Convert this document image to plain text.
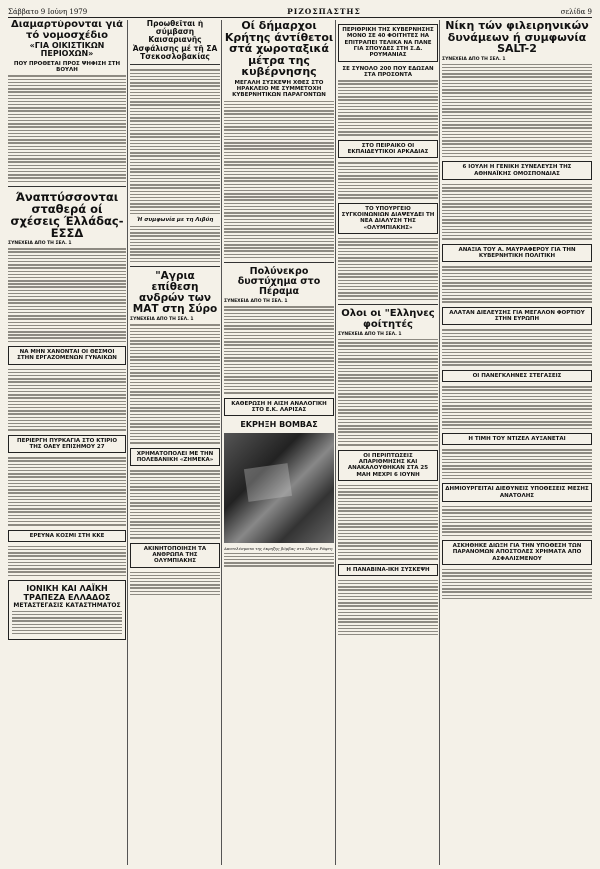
Σάββατο 9 Ιούνη 1979	ΡΙΖΟΣΠΑΣΤΗΣ	σελίδα 9
Διαμαρτύρονται γιά τό νομοσχέδιο
«ΓΙΑ ΟΙΚΙΣΤΙΚΩΝ ΠΕΡΙΟΧΩΝ»
ΠΟΥ ΠΡΟΘΕΤΑΙ ΠΡΟΣ ΨΗΦΙΣΗ ΣΤΗ ΒΟΥΛΗ
Άναπτύσσονται σταθερά οί σχέσεις Έλλάδας-ΕΣΣΔ
ΣΥΝΕΧΕΙΑ ΑΠΟ ΤΗ ΣΕΛ. 1
ΝΑ ΜΗΝ ΧΑΝΟΝΤΑΙ ΟΙ ΘΕΣΜΟΙ ΣΤΗΝ ΕΡΓΑΖΟΜΕΝΩΝ ΓΥΝΑΙΚΩΝ
ΠΕΡΙΕΡΓΗ ΠΥΡΚΑΓΙΑ ΣΤΟ ΚΤΙΡΙΟ ΤΗΣ ΟΑΕΥ ΕΠΙΣΗΜΟΥ 27
ΕΡΕΥΝΑ ΚΟΣΜΙ ΣΤΗ ΚΚΕ
ΙΟΝΙΚΗ ΚΑΙ ΛΑΪΚΗ
ΤΡΑΠΕΖΑ ΕΛΛΑΔΟΣ
ΜΕΤΑΣΤΕΓΑΣΙΣ ΚΑΤΑΣΤΗΜΑΤΟΣ
Προωθεῖται ἡ σύμβαση Καισαριανῆς
Ἀσφάλισης μέ τῆ ΣΑ Τσεκοσλοβακίας
Ή συμφωνία με τη Λιβύη
"Αγρια επίθεση ανδρών των ΜΑΤ στη Σύρο
ΣΥΝΕΧΕΙΑ ΑΠΟ ΤΗ ΣΕΛ. 1
ΧΡΗΜΑΤΟΠΟΛΕΙ ΜΕ ΤΗΝ ΠΟΛΕΒΑΝΙΚΗ «ΖΗΜΕΚΑ»
ΑΚΙΝΗΤΟΠΟΙΗΣΗ ΤΑ ΑΝΘΡΩΠΑ ΤΗΣ ΟΛΥΜΠΙΑΚΗΣ
Οί δήμαρχοι Κρήτης άντίθετοι στά χωροταξικά μέτρα της κυβέρνησης
ΜΕΓΑΛΗ ΣΥΣΚΕΨΗ ΧΘΕΣ ΣΤΟ ΗΡΑΚΛΕΙΟ ΜΕ ΣΥΜΜΕΤΟΧΗ ΚΥΒΕΡΝΗΤΙΚΩΝ ΠΑΡΑΓΟΝΤΩΝ
Πολύνεκρο δυστύχημα στο Πέραμα
ΣΥΝΕΧΕΙΑ ΑΠΟ ΤΗ ΣΕΛ. 1
ΚΑΘΕΡΩΣΗ Η ΑΙΣΗ ΑΝΑΛΟΓΙΚΗ ΣΤΟ Ε.Κ. ΛΑΡΙΣΑΣ
ΕΚΡΗΞΗ ΒΟΜΒΑΣ
Αποτελέσματα της έκρηξης βόμβας στο Πόρτο Ράφτη
ΠΕΡΙΘΡΙΚΗ ΤΗΣ ΚΥΒΕΡΝΗΣΗΣ ΜΟΝΟ ΣΕ 40 ΦΟΙΤΗΤΕΣ ΗΑ ΕΠΙΤΡΑΠΕΙ ΤΕΛΙΚΑ ΝΑ ΠΑΝΕ ΓΙΑ ΣΠΟΥΔΕΣ ΣΤΗ Σ.Δ. ΡΟΥΜΑΝΙΑΣ
ΣΕ ΣΥΝΟΛΟ 200 ΠΟΥ ΕΔΩΣΑΝ ΣΤΑ ΠΡΟΣΟΝΤΑ
ΣΤΟ ΠΕΙΡΑΙΚΟ ΟΙ ΕΚΠΑΙΔΕΥΤΙΚΟΙ ΑΡΚΑΔΙΑΣ
ΤΟ ΥΠΟΥΡΓΕΙΟ ΣΥΓΚΟΙΝΩΝΙΩΝ ΔΙΑΨΕΥΔΕΙ ΤΗ ΝΕΑ ΔΙΑΛΥΣΗ ΤΗΣ «ΟΛΥΜΠΙΑΚΗΣ»
Ολοι οι "Ελληνες φοίτητές
ΣΥΝΕΧΕΙΑ ΑΠΟ ΤΗ ΣΕΛ. 1
ΟΙ ΠΕΡΙΠΤΩΣΕΙΣ ΑΠΑΡΙΘΜΗΣΗΣ ΚΑΙ ΑΝΑΚΑΛΟΥΘΗΚΑΝ ΣΤΑ 25 ΜΑΗ ΜΕΧΡΙ 6 ΙΟΥΝΗ
Η ΠΑΝΑΒΙΝΑ-ΙΚΗ ΣΥΣΚΕΨΗ
Νίκη τών φιλειρηνικών δυνάμεων ή συμφωνία SALT-2
ΣΥΝΕΧΕΙΑ ΑΠΟ ΤΗ ΣΕΛ. 1
6 ΙΟΥΛΗ Η ΓΕΝΙΚΗ ΣΥΝΕΛΕΥΣΗ ΤΗΣ ΑΘΗΝΑΪΚΗΣ ΟΜΟΣΠΟΝΔΙΑΣ
ΑΝΑΞΙΑ ΤΟΥ Α. ΜΑΥΡΑΦΕΡΟΥ ΓΙΑ ΤΗΝ ΚΥΒΕΡΝΗΤΙΚΗ ΠΟΛΙΤΙΚΗ
ΑΛΑΤΑΝ ΔΙΕΛΕΥΣΗΣ ΓΙΑ ΜΕΓΑΛΟΝ ΦΟΡΤΙΟΥ ΣΤΗΝ ΕΥΡΩΠΗ
ΟΙ ΠΑΝΕΓΚΛΗΝΕΣ ΣΤΕΓΑΣΕΙΣ
Η ΤΙΜΗ ΤΟΥ ΝΤΙΖΕΛ ΑΥΞΑΝΕΤΑΙ
ΔΗΜΙΟΥΡΓΕΙΤΑΙ ΔΙΕΘΥΝΕΙΣ ΥΠΟΘΕΣΕΙΣ ΜΕΣΗΣ ΑΝΑΤΟΛΗΣ
ΑΣΚΗΘΗΚΕ ΔΙΩΞΗ ΓΙΑ ΤΗΝ ΥΠΟΘΕΣΗ ΤΩΝ ΠΑΡΑΝΟΜΩΝ ΑΠΟΣΤΟΛΕΣ ΧΡΗΜΑΤΑ ΑΠΟ ΑΣΦΑΛΙΣΜΕΝΟΥ
